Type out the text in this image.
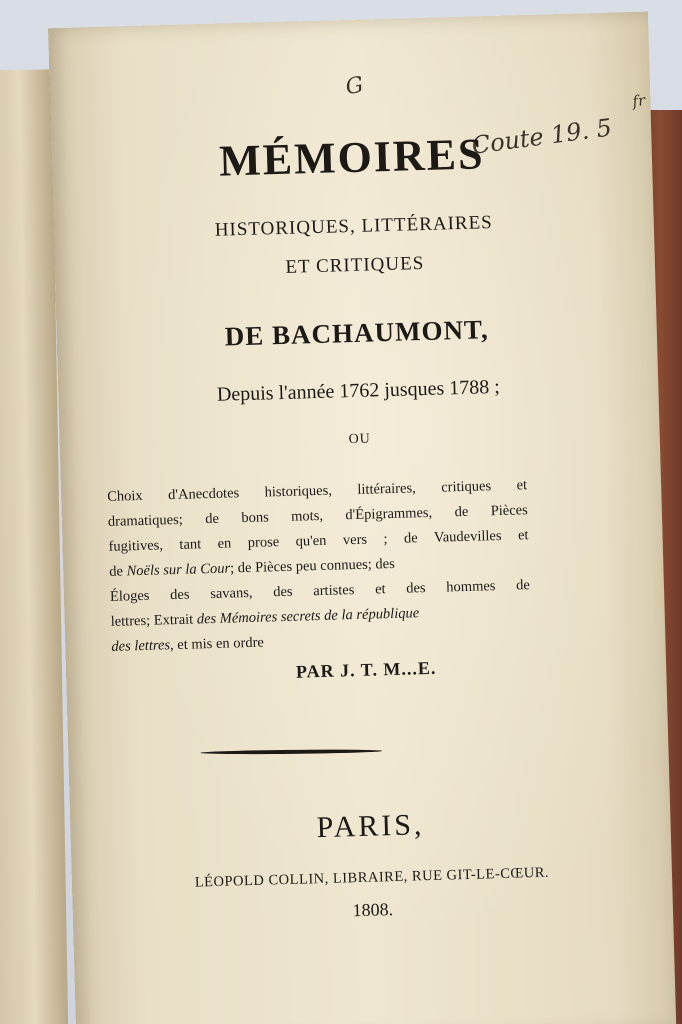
G
Coute 19. 5
fr
MÉMOIRES
HISTORIQUES, LITTÉRAIRES
ET CRITIQUES
DE BACHAUMONT,
Depuis l'année 1762 jusques 1788 ;
OU
Choix d'Anecdotes historiques, littéraires, critiques et
dramatiques; de bons mots, d'Épigrammes, de Pièces
fugitives, tant en prose qu'en vers ; de Vaudevilles et
de Noëls sur la Cour; de Pièces peu connues; des
Éloges des savans, des artistes et des hommes de
lettres; Extrait des Mémoires secrets de la république
des lettres, et mis en ordre
PAR J. T. M...E.
PARIS,
LÉOPOLD COLLIN, LIBRAIRE, RUE GIT-LE-CŒUR.
1808.
